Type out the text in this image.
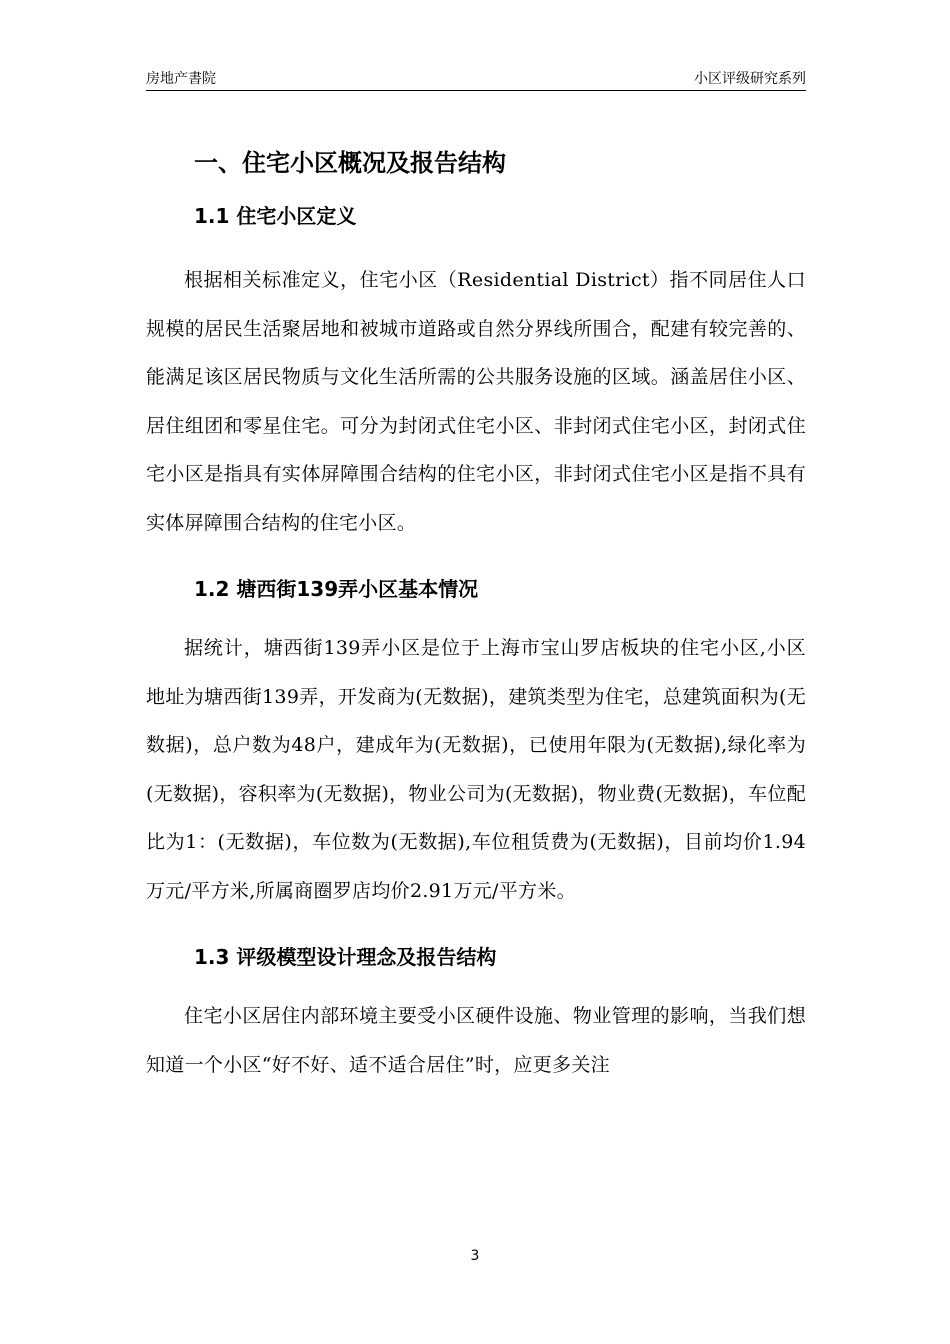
房地产書院	小区评级研究系列
一、住宅小区概况及报告结构
1.1 住宅小区定义

根据相关标准定义，住宅小区（Residential District）指不同居住人口规模的居民生活聚居地和被城市道路或自然分界线所围合，配建有较完善的、能满足该区居民物质与文化生活所需的公共服务设施的区域。涵盖居住小区、居住组团和零星住宅。可分为封闭式住宅小区、非封闭式住宅小区，封闭式住宅小区是指具有实体屏障围合结构的住宅小区，非封闭式住宅小区是指不具有实体屏障围合结构的住宅小区。

1.2 塘西街139弄小区基本情况

据统计，塘西街139弄小区是位于上海市宝山罗店板块的住宅小区,小区地址为塘西街139弄，开发商为(无数据)，建筑类型为住宅，总建筑面积为(无数据)，总户数为48户，建成年为(无数据)，已使用年限为(无数据),绿化率为(无数据)，容积率为(无数据)，物业公司为(无数据)，物业费(无数据)，车位配比为1：(无数据)，车位数为(无数据),车位租赁费为(无数据)，目前均价1.94万元/平方米,所属商圈罗店均价2.91万元/平方米。

1.3 评级模型设计理念及报告结构

住宅小区居住内部环境主要受小区硬件设施、物业管理的影响，当我们想知道一个小区“好不好、适不适合居住”时，应更多关注

3
